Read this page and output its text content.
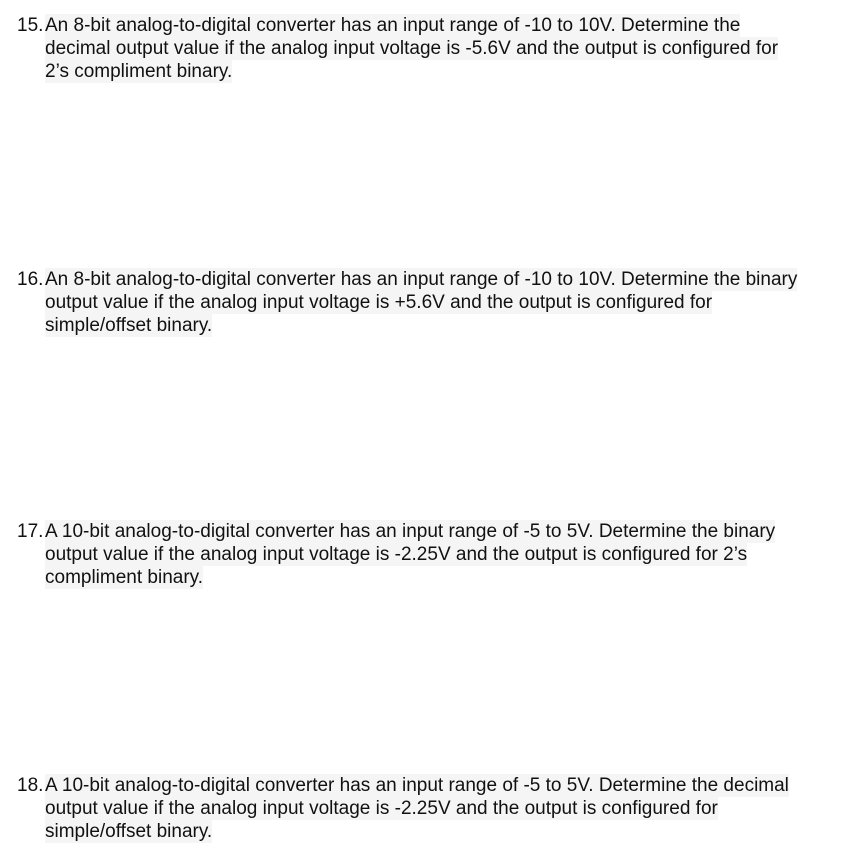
15. An 8-bit analog-to-digital converter has an input range of -10 to 10V. Determine the
decimal output value if the analog input voltage is -5.6V and the output is configured for
2’s compliment binary.
16. An 8-bit analog-to-digital converter has an input range of -10 to 10V. Determine the binary
output value if the analog input voltage is +5.6V and the output is configured for
simple/offset binary.
17. A 10-bit analog-to-digital converter has an input range of -5 to 5V. Determine the binary
output value if the analog input voltage is -2.25V and the output is configured for 2’s
compliment binary.
18. A 10-bit analog-to-digital converter has an input range of -5 to 5V. Determine the decimal
output value if the analog input voltage is -2.25V and the output is configured for
simple/offset binary.
